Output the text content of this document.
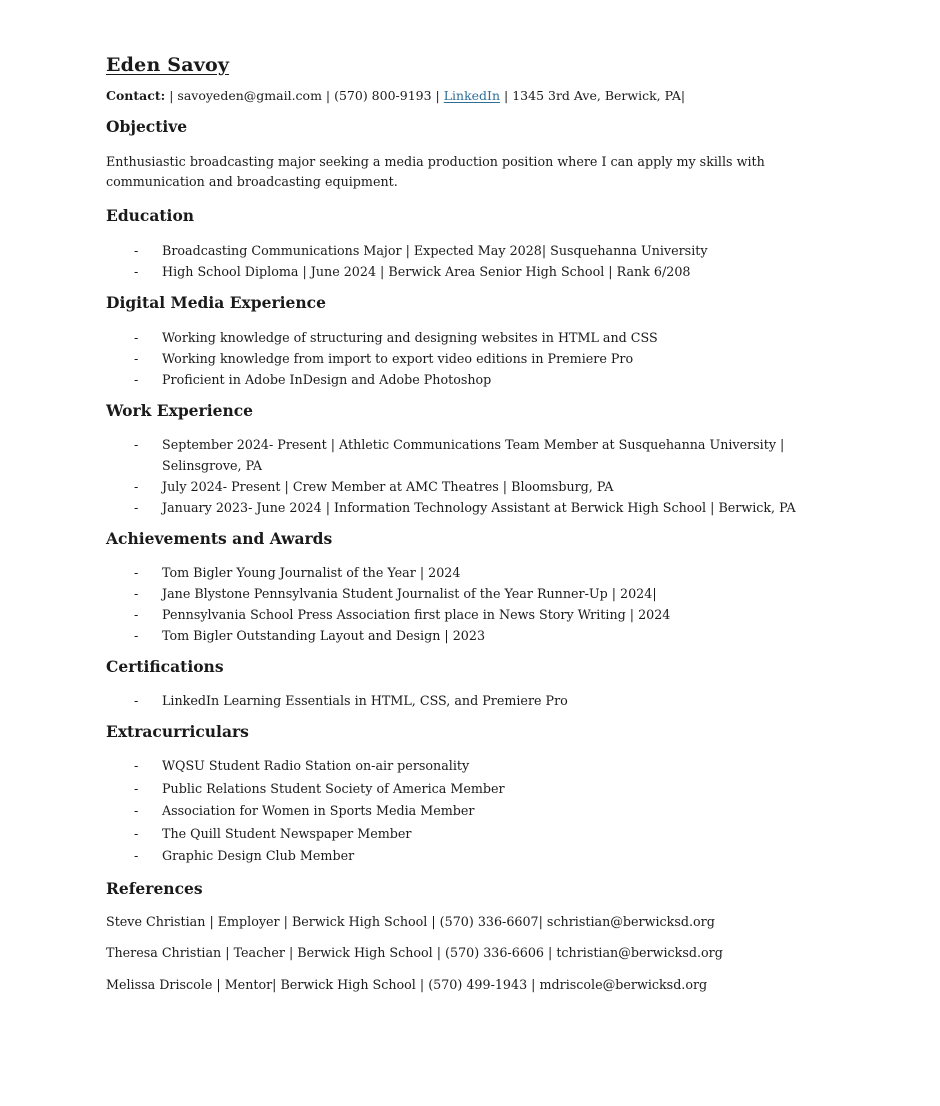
Eden Savoy
Contact: | savoyeden@gmail.com | (570) 800-9193 | LinkedIn | 1345 3rd Ave, Berwick, PA|
Objective
Enthusiastic broadcasting major seeking a media production position where I can apply my skills with communication and broadcasting equipment.
Education
- Broadcasting Communications Major | Expected May 2028| Susquehanna University
- High School Diploma | June 2024 | Berwick Area Senior High School | Rank 6/208
Digital Media Experience
- Working knowledge of structuring and designing websites in HTML and CSS
- Working knowledge from import to export video editions in Premiere Pro
- Proficient in Adobe InDesign and Adobe Photoshop
Work Experience
- September 2024- Present | Athletic Communications Team Member at Susquehanna University | Selinsgrove, PA
- July 2024- Present | Crew Member at AMC Theatres | Bloomsburg, PA
- January 2023- June 2024 | Information Technology Assistant at Berwick High School | Berwick, PA
Achievements and Awards
- Tom Bigler Young Journalist of the Year | 2024
- Jane Blystone Pennsylvania Student Journalist of the Year Runner-Up | 2024|
- Pennsylvania School Press Association first place in News Story Writing | 2024
- Tom Bigler Outstanding Layout and Design | 2023
Certifications
- LinkedIn Learning Essentials in HTML, CSS, and Premiere Pro
Extracurriculars
- WQSU Student Radio Station on-air personality
- Public Relations Student Society of America Member
- Association for Women in Sports Media Member
- The Quill Student Newspaper Member
- Graphic Design Club Member
References
Steve Christian | Employer | Berwick High School | (570) 336-6607| schristian@berwicksd.org
Theresa Christian | Teacher | Berwick High School | (570) 336-6606 | tchristian@berwicksd.org
Melissa Driscole | Mentor| Berwick High School | (570) 499-1943 | mdriscole@berwicksd.org
